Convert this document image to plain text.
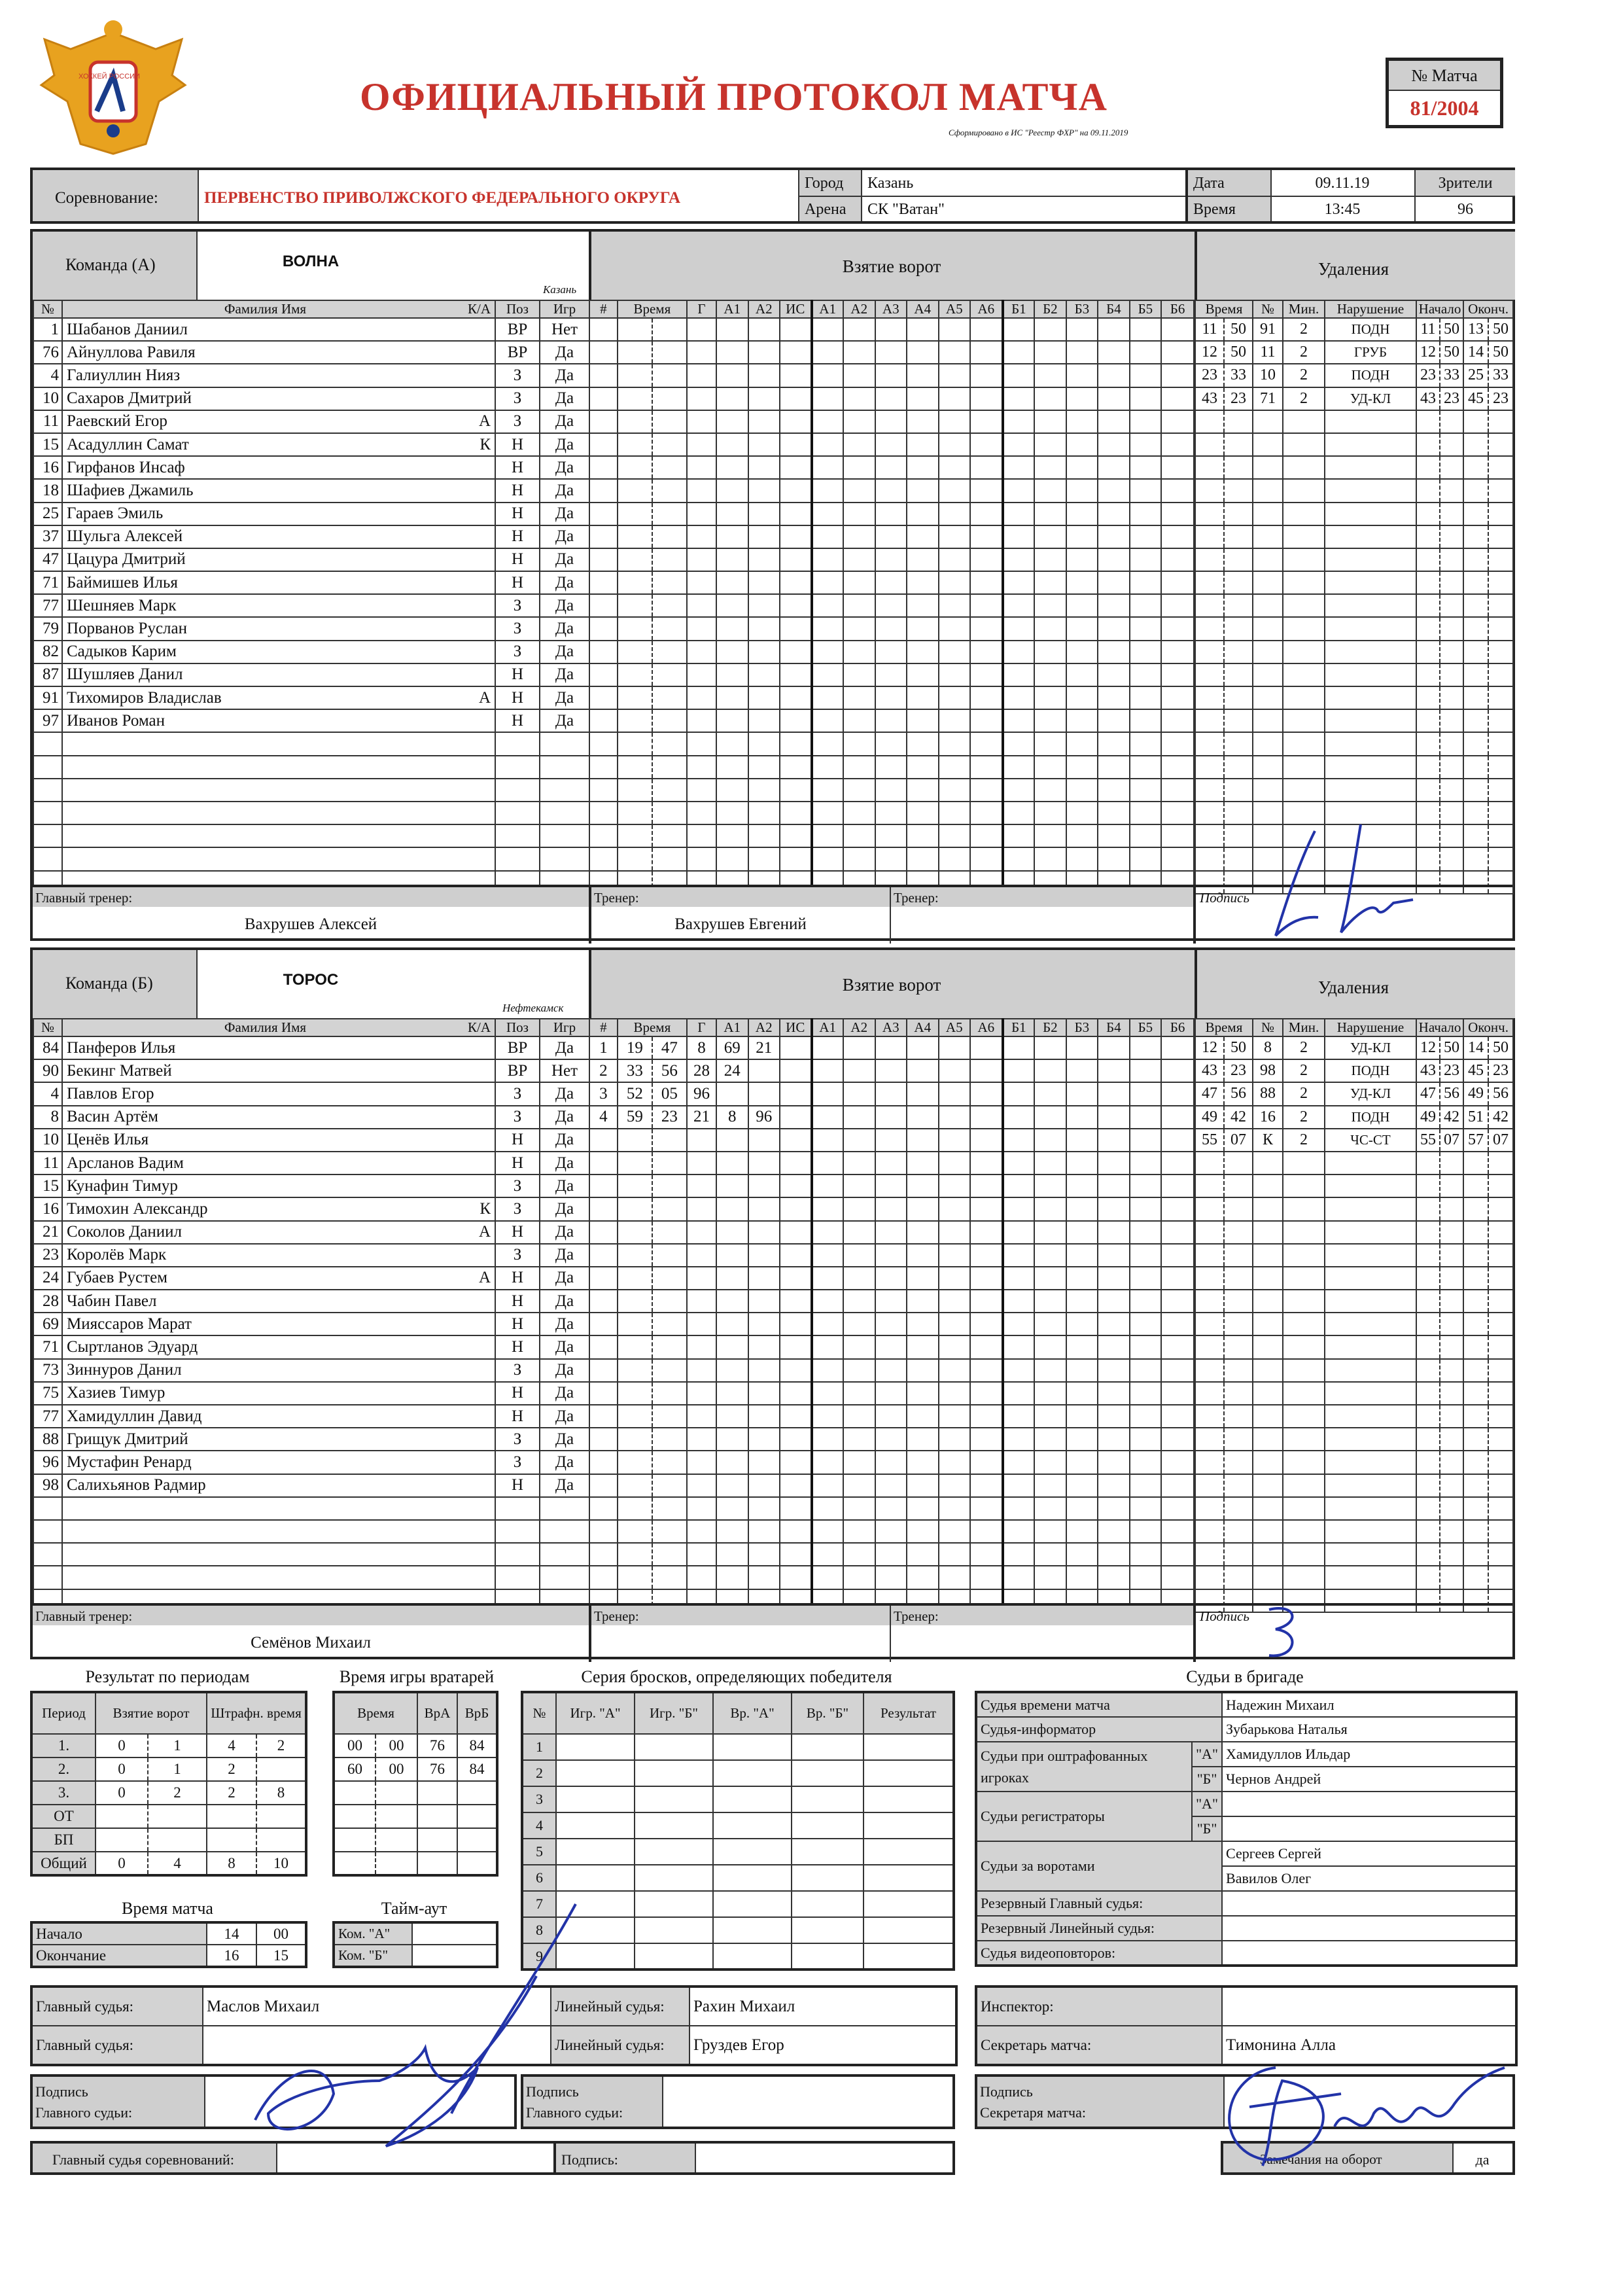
ХОККЕЙ РОССИИ	ОФИЦИАЛЬНЫЙ ПРОТОКОЛ МАТЧА
Сформировано в ИС "Реестр ФХР" на 09.11.2019
№ Матча
81/2004
Соревнование:	ПЕРВЕНСТВО ПРИВОЛЖСКОГО ФЕДЕРАЛЬНОГО ОКРУГА
Город
Арена
Казань
СК "Ватан"
Дата
Время
09.11.19
13:45
Зрители
96
Команда (А)	ВОЛНА
Казань
Взятие ворот	Удаления
№	Фамилия Имя К/А	Поз	Игр
1	Шабанов Даниил	ВР	Нет
76	Айнуллова Равиля	ВР	Да
4	Галиуллин Нияз	З	Да
10	Сахаров Дмитрий	З	Да
11	Раевский Егор А	З	Да
15	Асадуллин Самат К	Н	Да
16	Гирфанов Инсаф	Н	Да
18	Шафиев Джамиль	Н	Да
25	Гараев Эмиль	Н	Да
37	Шульга Алексей	Н	Да
47	Цацура Дмитрий	Н	Да
71	Баймишев Илья	Н	Да
77	Шешняев Марк	З	Да
79	Порванов Руслан	З	Да
82	Садыков Карим	З	Да
87	Шушляев Данил	Н	Да
91	Тихомиров Владислав А	Н	Да
97	Иванов Роман	Н	Да

#	Время		Г	А1	А2	ИС	А1	А2	А3	А4	А5	А6	Б1	Б2	Б3	Б4	Б5	Б6

																		Время		№	Мин.	Нарушение	Начало		Оконч.	
11	50	91	2	ПОДН	11	50	13	50
12	50	11	2	ГРУБ	12	50	14	50
23	33	10	2	ПОДН	23	33	25	33
43	23	71	2	УД-КЛ	43	23	45	23

Главный тренер:
Вахрушев Алексей
Тренер:
Вахрушев Евгений
Тренер:	Подпись
Команда (Б)	ТОРОС
Нефтекамск
Взятие ворот	Удаления
№	Фамилия Имя К/А	Поз	Игр
84	Панферов Илья	ВР	Да
90	Бекинг Матвей	ВР	Нет
4	Павлов Егор	З	Да
8	Васин Артём	З	Да
10	Ценёв Илья	Н	Да
11	Арсланов Вадим	Н	Да
15	Кунафин Тимур	З	Да
16	Тимохин Александр К	З	Да
21	Соколов Даниил А	Н	Да
23	Королёв Марк	З	Да
24	Губаев Рустем А	Н	Да
28	Чабин Павел	Н	Да
69	Мияссаров Марат	Н	Да
71	Сыртланов Эдуард	Н	Да
73	Зиннуров Данил	З	Да
75	Хазиев Тимур	Н	Да
77	Хамидуллин Давид	Н	Да
88	Грищук Дмитрий	З	Да
96	Мустафин Ренард	З	Да
98	Салихьянов Радмир	Н	Да

#	Время		Г	А1	А2	ИС	А1	А2	А3	А4	А5	А6	Б1	Б2	Б3	Б4	Б5	Б6
1	19	47	8	69	21													
2	33	56	28	24														
3	52	05	96															
4	59	23	21	8	96													

Время		№	Мин.	Нарушение	Начало		Оконч.	
12	50	8	2	УД-КЛ	12	50	14	50
43	23	98	2	ПОДН	43	23	45	23
47	56	88	2	УД-КЛ	47	56	49	56
49	42	16	2	ПОДН	49	42	51	42
55	07	К	2	ЧС-СТ	55	07	57	07

Главный тренер:
Семёнов Михаил
Тренер:	Тренер:	Подпись
Результат по периодам
Период	Взятие ворот		Штрафн. время	
1.	0	1	4	2
2.	0	1	2	
3.	0	2	2	8
ОТ				
БП				
Общий	0	4	8	10
Время матча
Начало	14	00
Окончание	16	15
Время игры вратарей
Время		ВрА	ВрБ
00	00	76	84
60	00	76	84

Тайм-аут
Ком. "А"	
Ком. "Б"	
Серия бросков, определяющих победителя
№	Игр. "А"	Игр. "Б"	Вр. "А"	Вр. "Б"	Результат
1					
2					
3					
4					
5					
6					
7					
8					
9					
Судьи в бригаде
Судья времени матча		Надежин Михаил
Судья-информатор		Зубарькова Наталья
Судьи при оштрафованных игроках	"А"	Хамидуллов Ильдар
	"Б"	Чернов Андрей
Судьи регистраторы	"А"	
	"Б"	
Судьи за воротами		Сергеев Сергей
		Вавилов Олег
Резервный Главный судья:		
Резервный Линейный судья:		
Судья видеоповторов:		
Главный судья:	Маслов Михаил	Линейный судья:	Рахин Михаил
Главный судья:		Линейный судья:	Груздев Егор
Инспектор:	
Секретарь матча:	Тимонина Алла
Подпись
Главного судьи:
Подпись
Главного судьи:
Подпись
Секретаря матча:
Главный судья соревнований:	Подпись:	Замечания на оборот	да
